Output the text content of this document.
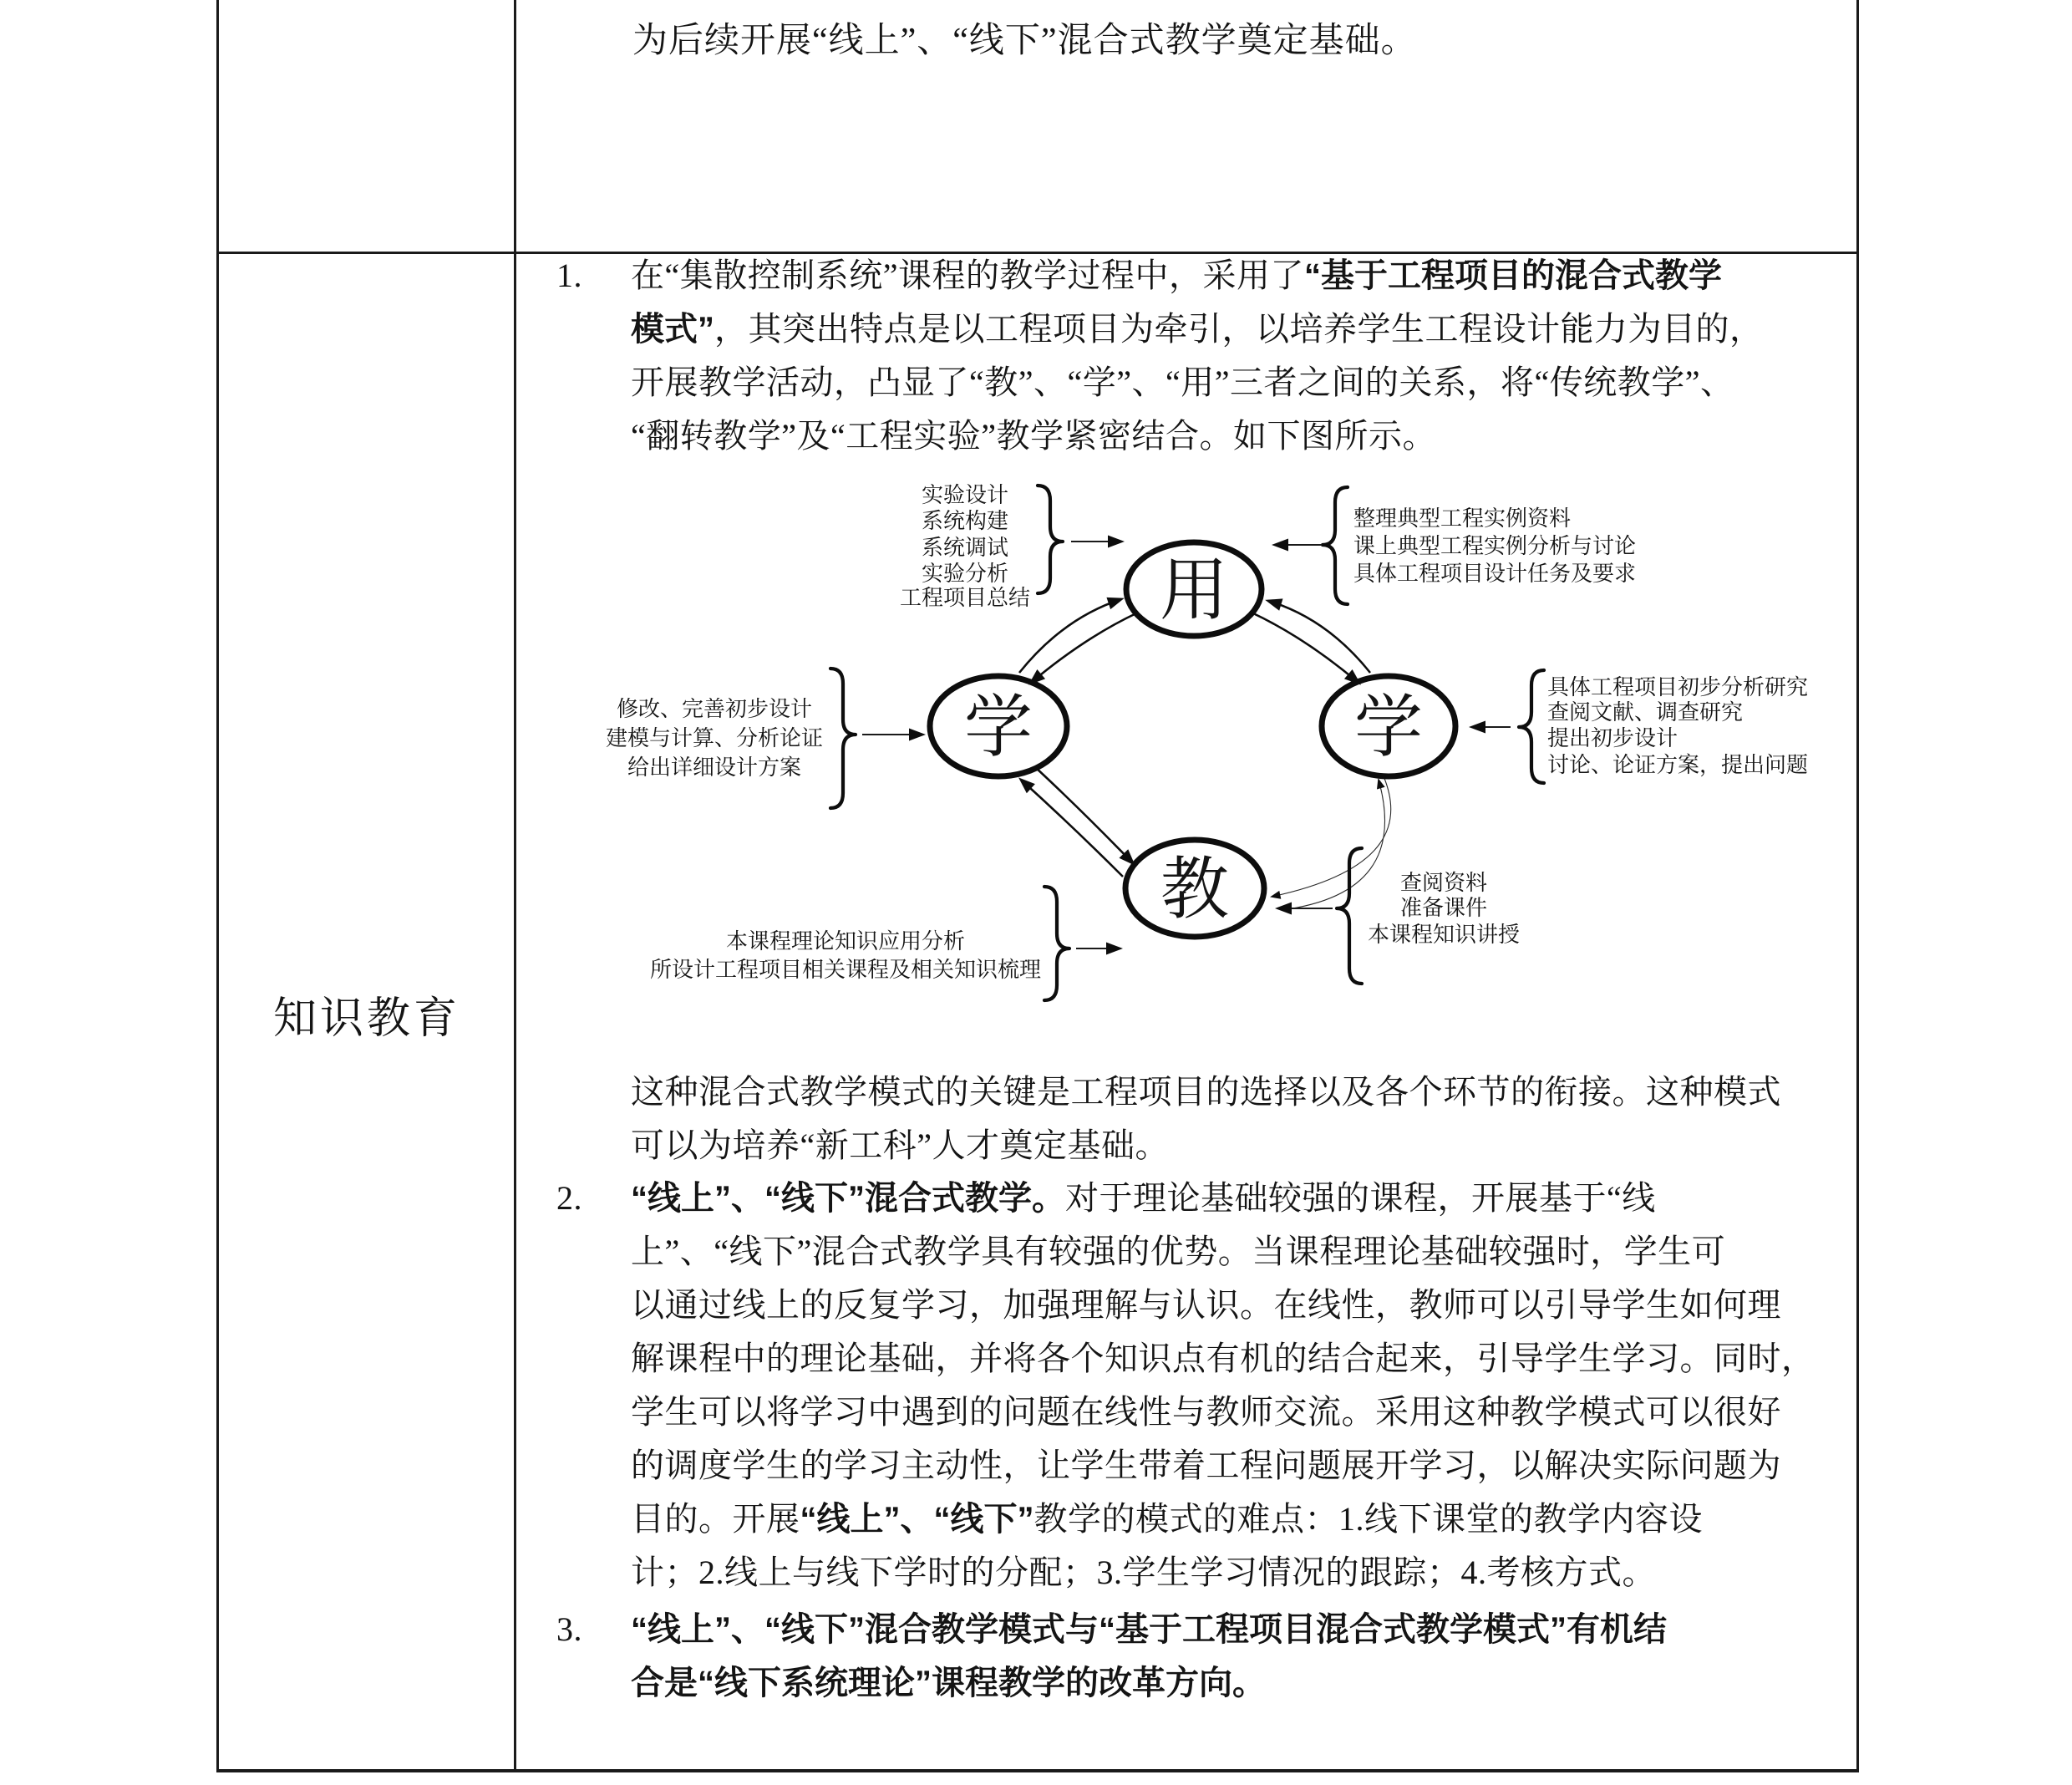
为后续开展“线上”、“线下”混合式教学奠定基础。
知识教育
1. 在“集散控制系统”课程的教学过程中，采用了“基于工程项目的混合式教学
模式”，其突出特点是以工程项目为牵引，以培养学生工程设计能力为目的，
开展教学活动，凸显了“教”、“学”、“用”三者之间的关系，将“传统教学”、
“翻转教学”及“工程实验”教学紧密结合。如下图所示。
这种混合式教学模式的关键是工程项目的选择以及各个环节的衔接。这种模式
可以为培养“新工科”人才奠定基础。
2. “线上”、“线下”混合式教学。对于理论基础较强的课程，开展基于“线
上”、“线下”混合式教学具有较强的优势。当课程理论基础较强时，学生可
以通过线上的反复学习，加强理解与认识。在线性，教师可以引导学生如何理
解课程中的理论基础，并将各个知识点有机的结合起来，引导学生学习。同时，
学生可以将学习中遇到的问题在线性与教师交流。采用这种教学模式可以很好
的调度学生的学习主动性，让学生带着工程问题展开学习，以解决实际问题为
目的。开展“线上”、“线下”教学的模式的难点：1.线下课堂的教学内容设
计；2.线上与线下学时的分配；3.学生学习情况的跟踪；4.考核方式。
3. “线上”、“线下”混合教学模式与“基于工程项目混合式教学模式”有机结
合是“线下系统理论”课程教学的改革方向。
用
学	学
教
实验设计
系统构建
系统调试
实验分析
工程项目总结
整理典型工程实例资料
课上典型工程实例分析与讨论
具体工程项目设计任务及要求
修改、完善初步设计
建模与计算、分析论证
给出详细设计方案
具体工程项目初步分析研究
查阅文献、调查研究
提出初步设计
讨论、论证方案，提出问题
本课程理论知识应用分析
所设计工程项目相关课程及相关知识梳理
查阅资料
准备课件
本课程知识讲授
